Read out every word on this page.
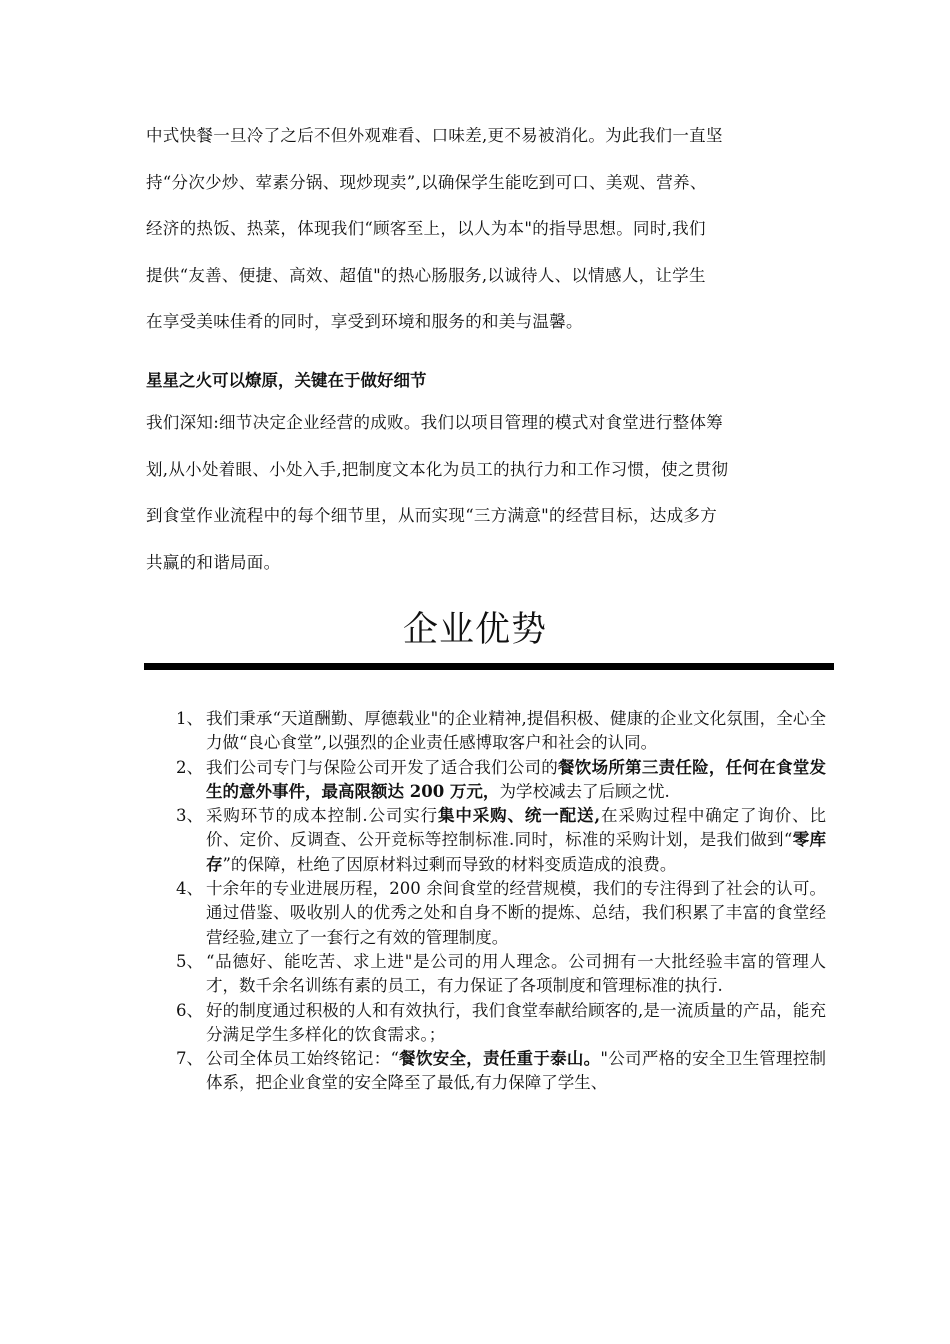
中式快餐一旦冷了之后不但外观难看、口味差,更不易被消化。为此我们一直坚
持“分次少炒、荤素分锅、现炒现卖”,以确保学生能吃到可口、美观、营养、
经济的热饭、热菜，体现我们“顾客至上，以人为本"的指导思想。同时,我们
提供“友善、便捷、高效、超值"的热心肠服务,以诚待人、以情感人，让学生
在享受美味佳肴的同时，享受到环境和服务的和美与温馨。
星星之火可以燎原，关键在于做好细节
我们深知:细节决定企业经营的成败。我们以项目管理的模式对食堂进行整体筹
划,从小处着眼、小处入手,把制度文本化为员工的执行力和工作习惯，使之贯彻
到食堂作业流程中的每个细节里，从而实现“三方满意"的经营目标，达成多方
共赢的和谐局面。
企业优势
1、 我们秉承“天道酬勤、厚德载业"的企业精神,提倡积极、健康的企业文化氛围，全心全力做“良心食堂”,以强烈的企业责任感博取客户和社会的认同。
2、 我们公司专门与保险公司开发了适合我们公司的餐饮场所第三责任险，任何在食堂发生的意外事件，最高限额达 200 万元，为学校减去了后顾之忧.
3、 采购环节的成本控制.公司实行集中采购、统一配送,在采购过程中确定了询价、比价、定价、反调查、公开竞标等控制标准.同时，标准的采购计划，是我们做到“零库存”的保障，杜绝了因原材料过剩而导致的材料变质造成的浪费。
4、 十余年的专业进展历程，200 余间食堂的经营规模，我们的专注得到了社会的认可。通过借鉴、吸收别人的优秀之处和自身不断的提炼、总结，我们积累了丰富的食堂经营经验,建立了一套行之有效的管理制度。
5、 “品德好、能吃苦、求上进"是公司的用人理念。公司拥有一大批经验丰富的管理人才，数千余名训练有素的员工，有力保证了各项制度和管理标准的执行.
6、 好的制度通过积极的人和有效执行，我们食堂奉献给顾客的,是一流质量的产品，能充分满足学生多样化的饮食需求。；
7、 公司全体员工始终铭记：“餐饮安全，责任重于泰山。"公司严格的安全卫生管理控制体系，把企业食堂的安全降至了最低,有力保障了学生、
